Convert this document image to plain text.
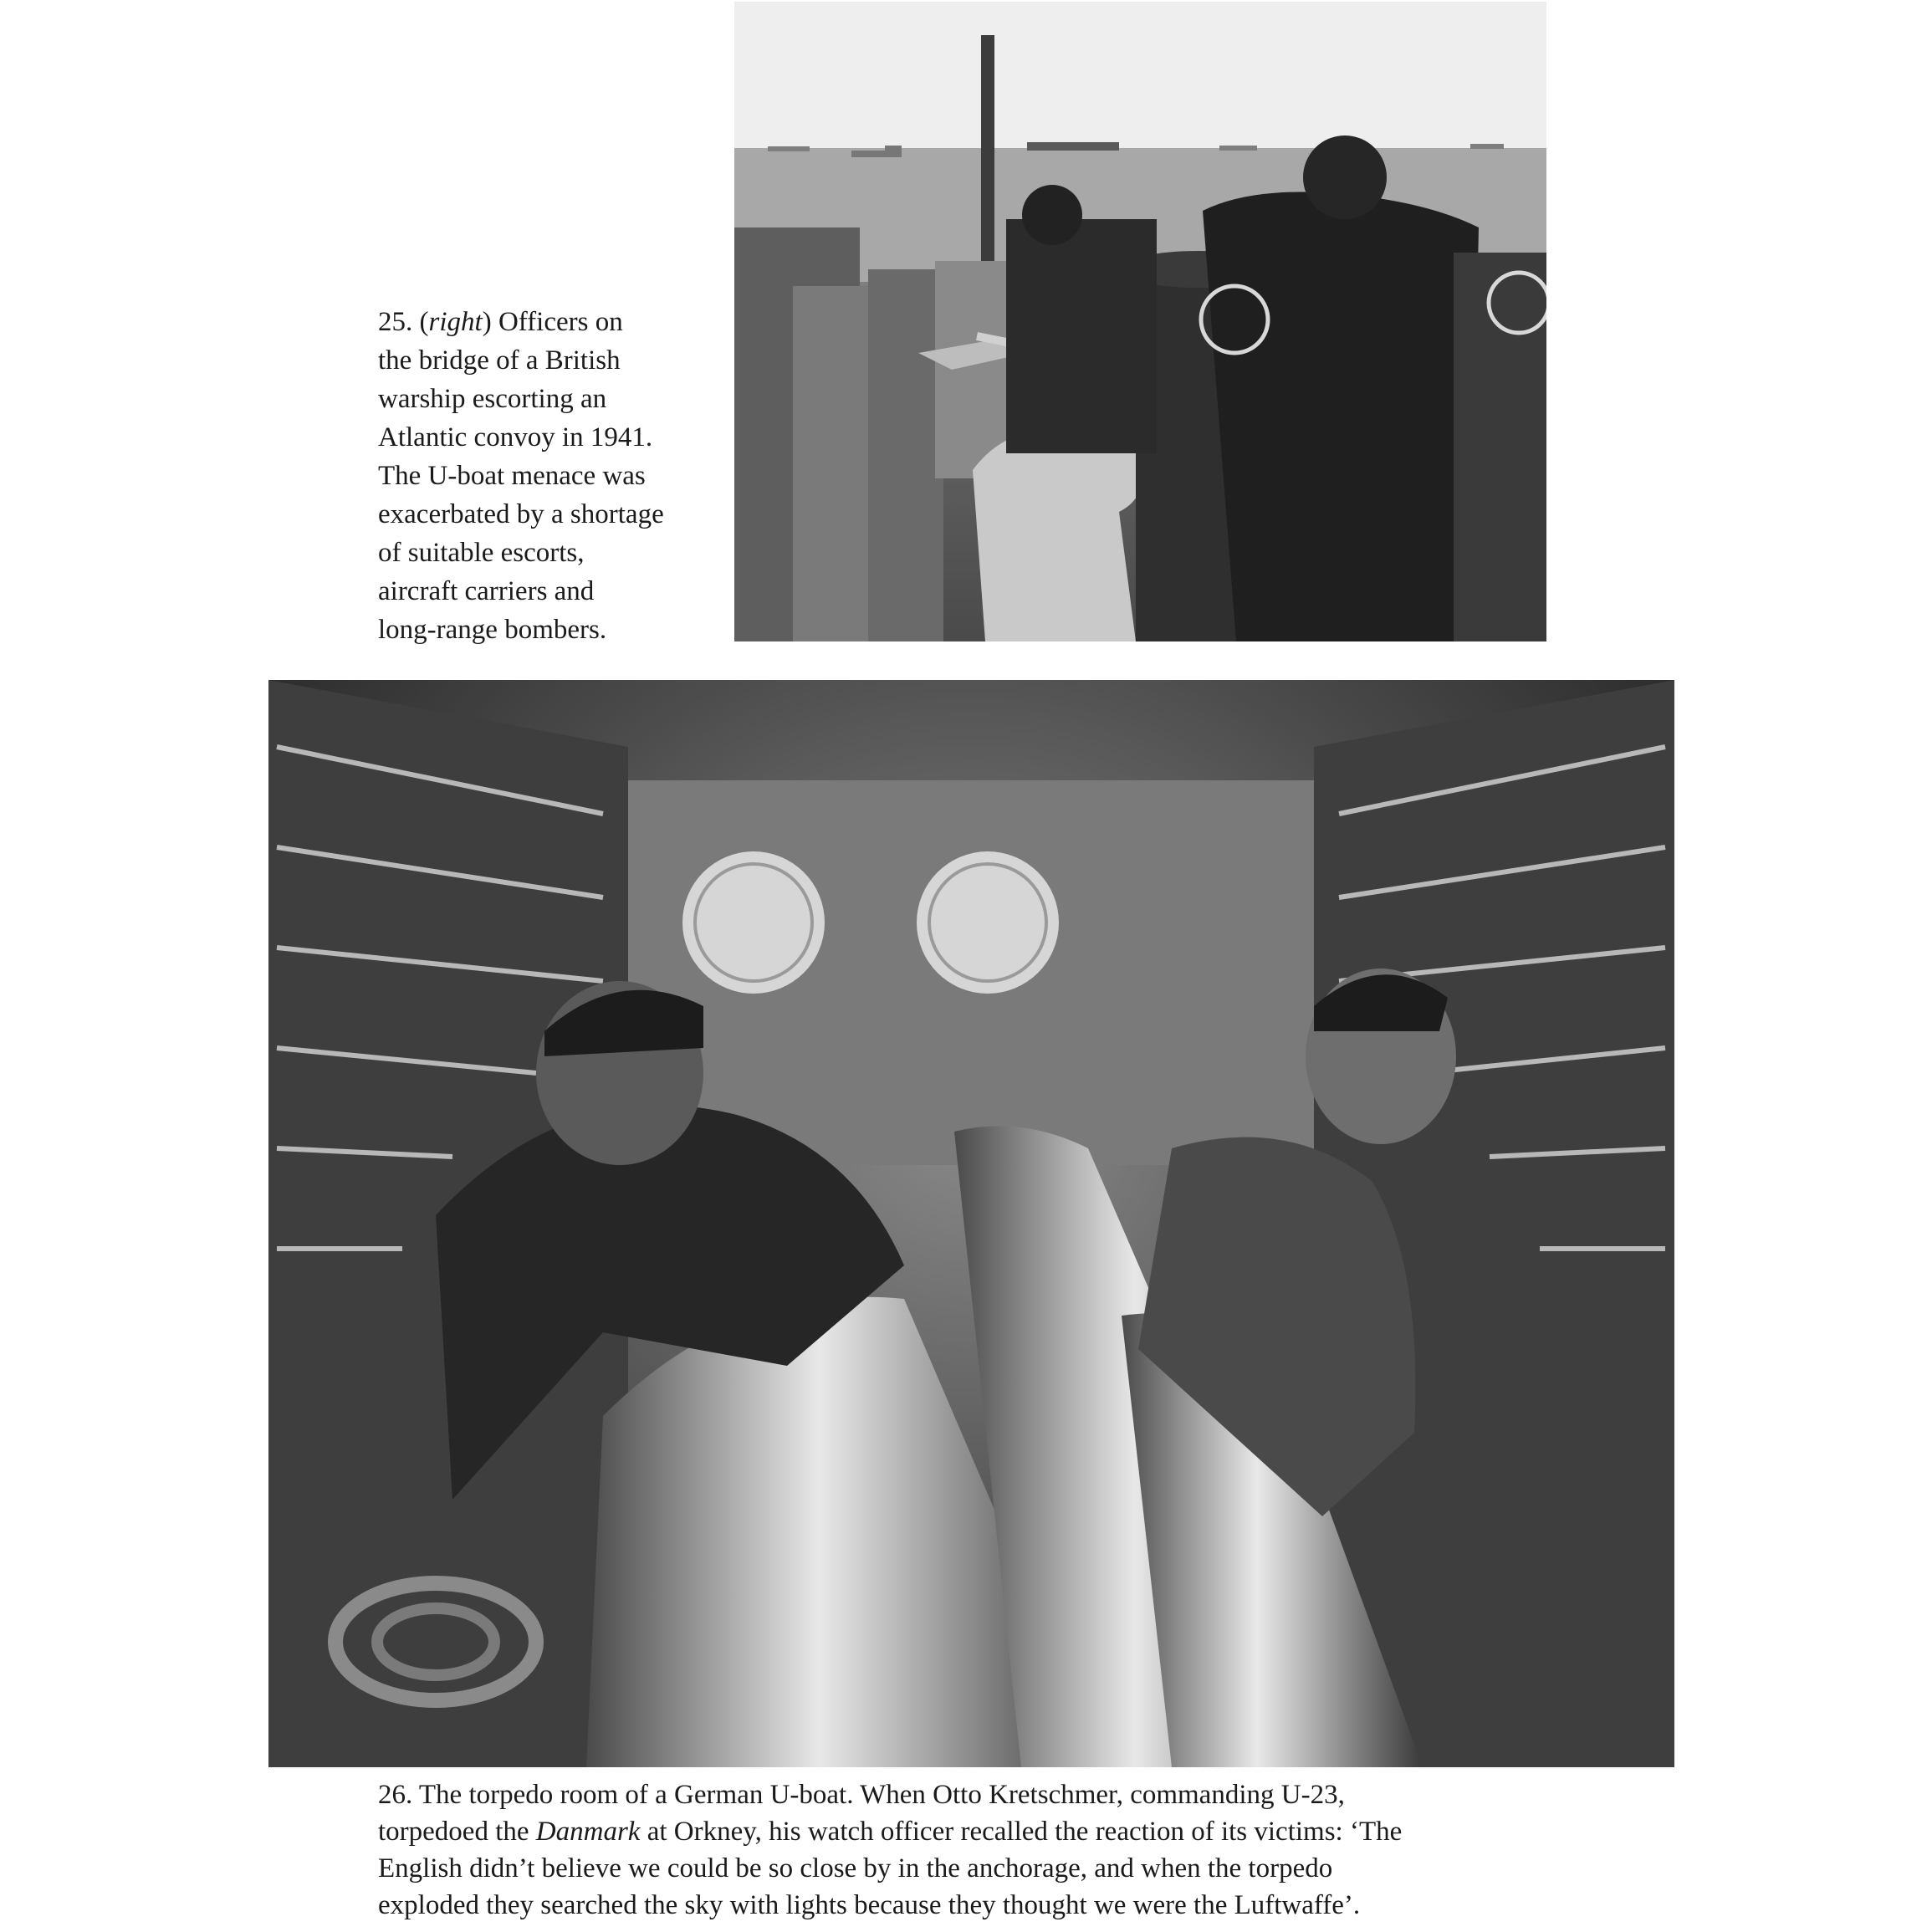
25. (right) Officers on
the bridge of a British
warship escorting an
Atlantic convoy in 1941.
The U-boat menace was
exacerbated by a shortage
of suitable escorts,
aircraft carriers and
long-range bombers.
26. The torpedo room of a German U-boat. When Otto Kretschmer, commanding U-23,
torpedoed the Danmark at Orkney, his watch officer recalled the reaction of its victims: ‘The
English didn’t believe we could be so close by in the anchorage, and when the torpedo
exploded they searched the sky with lights because they thought we were the Luftwaffe’.
